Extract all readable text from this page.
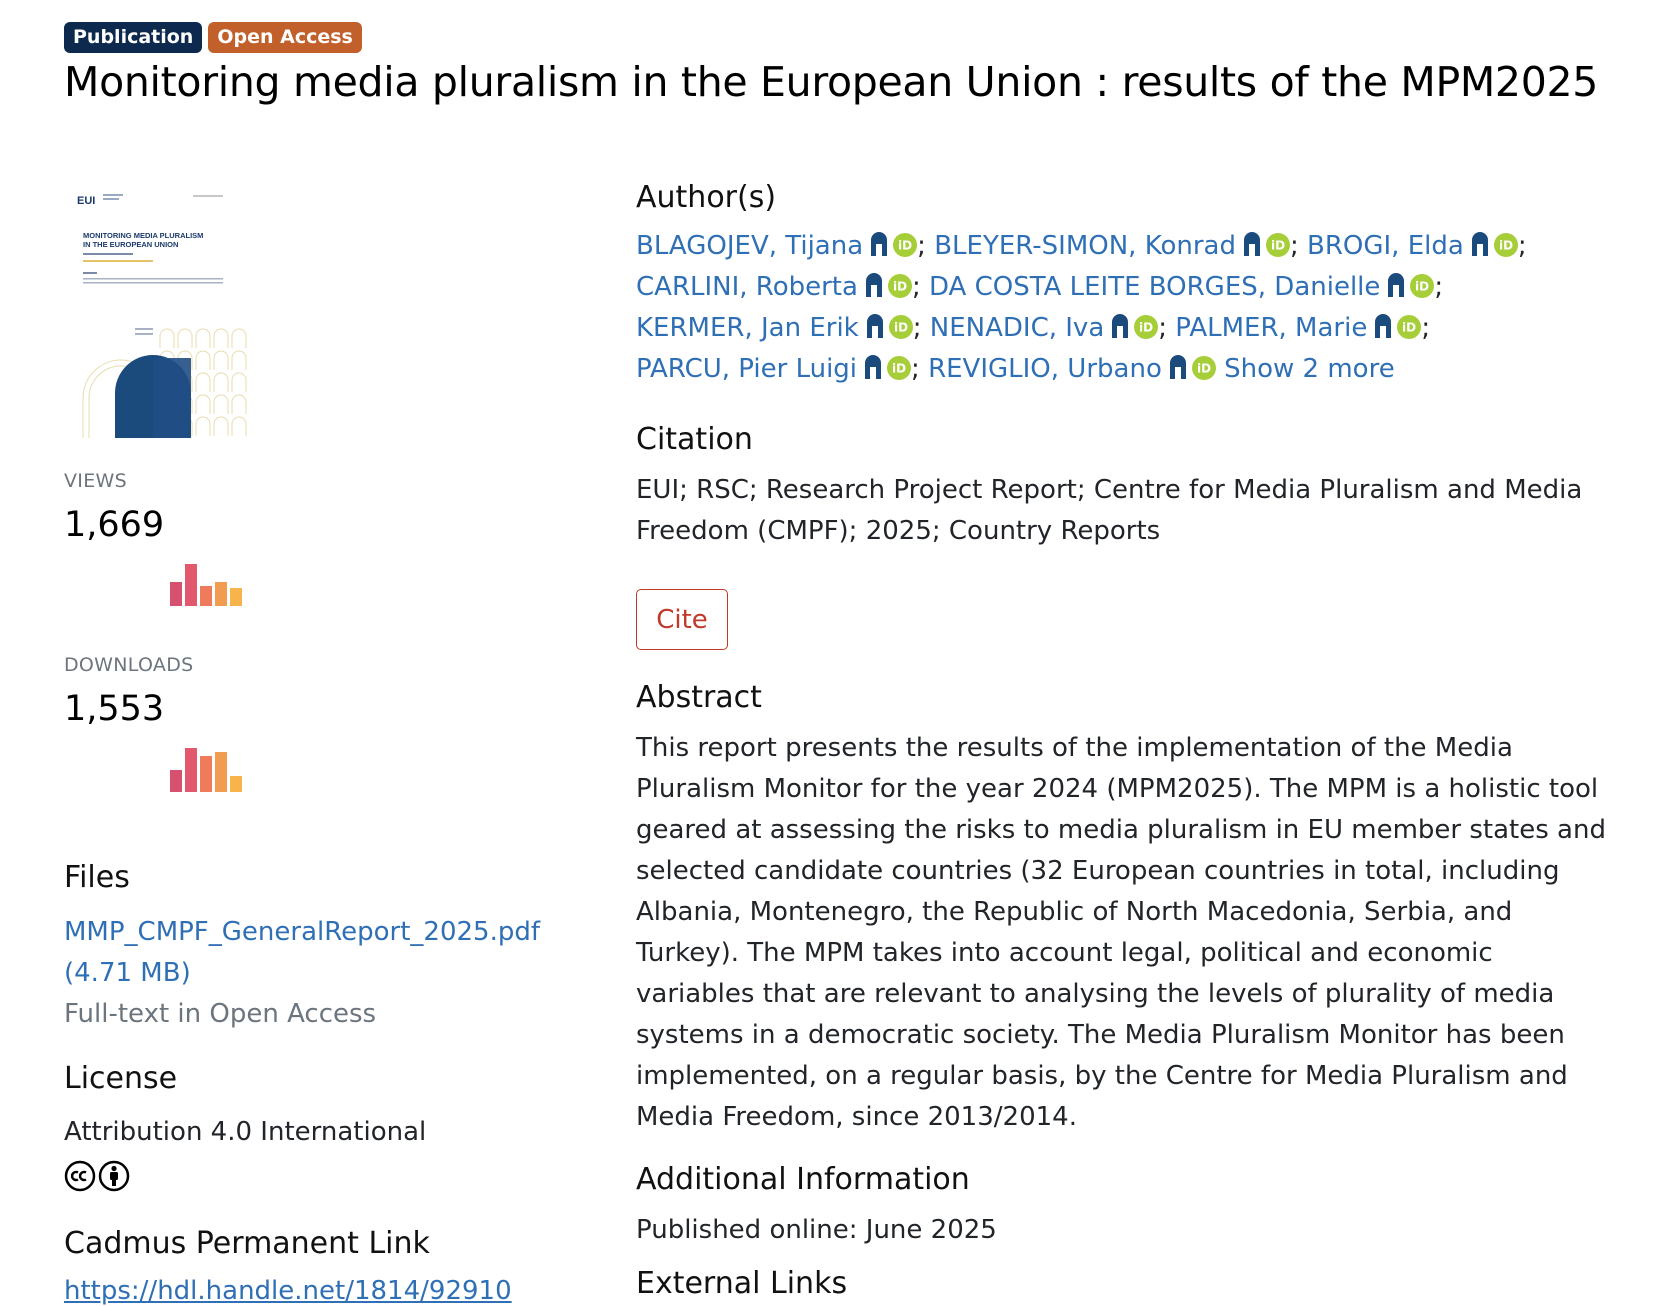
Publication	Open Access
Monitoring media pluralism in the European Union : results of the MPM2025
EUI
MONITORING MEDIA PLURALISM
IN THE EUROPEAN UNION
VIEWS
1,669
DOWNLOADS
1,553
Files
MMP_CMPF_GeneralReport_2025.pdf
(4.71 MB)
Full-text in Open Access
License
Attribution 4.0 International
Cadmus Permanent Link
https://hdl.handle.net/1814/92910
Author(s)
BLAGOJEV, Tijana	iD ; BLEYER-SIMON, Konrad	iD ; BROGI, Elda	iD ; CARLINI, Roberta	iD ; DA COSTA LEITE BORGES, Danielle	iD ; KERMER, Jan Erik	iD ; NENADIC, Iva	iD ; PALMER, Marie	iD ; PARCU, Pier Luigi	iD ; REVIGLIO, Urbano	iD Show 2 more
Citation
EUI; RSC; Research Project Report; Centre for Media Pluralism and Media Freedom (CMPF); 2025; Country Reports
Cite
Abstract
This report presents the results of the implementation of the Media Pluralism Monitor for the year 2024 (MPM2025). The MPM is a holistic tool geared at assessing the risks to media pluralism in EU member states and selected candidate countries (32 European countries in total, including Albania, Montenegro, the Republic of North Macedonia, Serbia, and Turkey). The MPM takes into account legal, political and economic variables that are relevant to analysing the levels of plurality of media systems in a democratic society. The Media Pluralism Monitor has been implemented, on a regular basis, by the Centre for Media Pluralism and Media Freedom, since 2013/2014.
Additional Information
Published online: June 2025
External Links
